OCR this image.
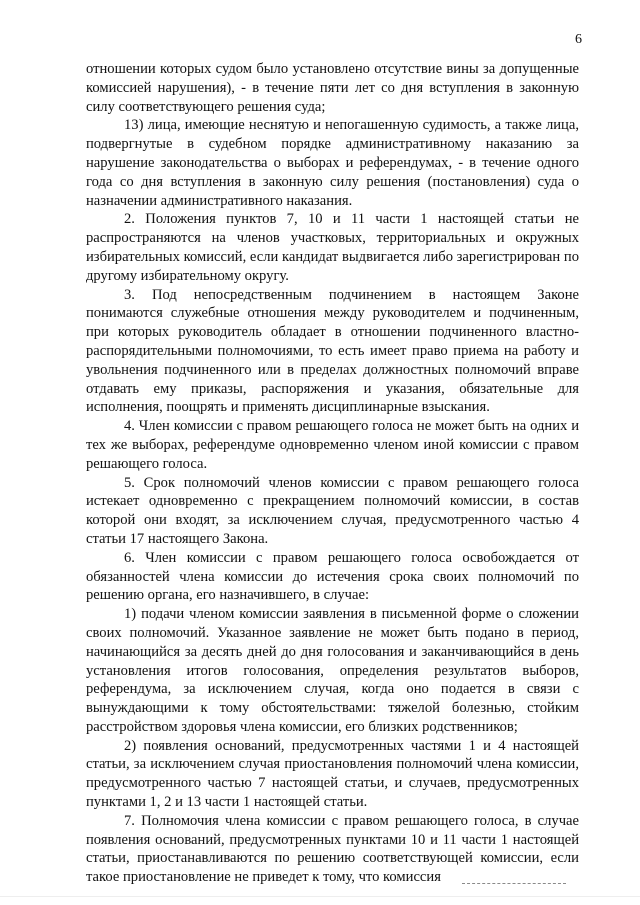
6

отношении которых судом было установлено отсутствие вины за допущенные комиссией нарушения), - в течение пяти лет со дня вступления в законную силу соответствующего решения суда;

13) лица, имеющие неснятую и непогашенную судимость, а также лица, подвергнутые в судебном порядке административному наказанию за нарушение законодательства о выборах и референдумах, - в течение одного года со дня вступления в законную силу решения (постановления) суда о назначении административного наказания.

2. Положения пунктов 7, 10 и 11 части 1 настоящей статьи не распространяются на членов участковых, территориальных и окружных избирательных комиссий, если кандидат выдвигается либо зарегистрирован по другому избирательному округу.

3. Под непосредственным подчинением в настоящем Законе понимаются служебные отношения между руководителем и подчиненным, при которых руководитель обладает в отношении подчиненного властно-распорядительными полномочиями, то есть имеет право приема на работу и увольнения подчиненного или в пределах должностных полномочий вправе отдавать ему приказы, распоряжения и указания, обязательные для исполнения, поощрять и применять дисциплинарные взыскания.

4. Член комиссии с правом решающего голоса не может быть на одних и тех же выборах, референдуме одновременно членом иной комиссии с правом решающего голоса.

5. Срок полномочий членов комиссии с правом решающего голоса истекает одновременно с прекращением полномочий комиссии, в состав которой они входят, за исключением случая, предусмотренного частью 4 статьи 17 настоящего Закона.

6. Член комиссии с правом решающего голоса освобождается от обязанностей члена комиссии до истечения срока своих полномочий по решению органа, его назначившего, в случае:

1) подачи членом комиссии заявления в письменной форме о сложении своих полномочий. Указанное заявление не может быть подано в период, начинающийся за десять дней до дня голосования и заканчивающийся в день установления итогов голосования, определения результатов выборов, референдума, за исключением случая, когда оно подается в связи с вынуждающими к тому обстоятельствами: тяжелой болезнью, стойким расстройством здоровья члена комиссии, его близких родственников;

2) появления оснований, предусмотренных частями 1 и 4 настоящей статьи, за исключением случая приостановления полномочий члена комиссии, предусмотренного частью 7 настоящей статьи, и случаев, предусмотренных пунктами 1, 2 и 13 части 1 настоящей статьи.

7. Полномочия члена комиссии с правом решающего голоса, в случае появления оснований, предусмотренных пунктами 10 и 11 части 1 настоящей статьи, приостанавливаются по решению соответствующей комиссии, если такое приостановление не приведет к тому, что комиссия
